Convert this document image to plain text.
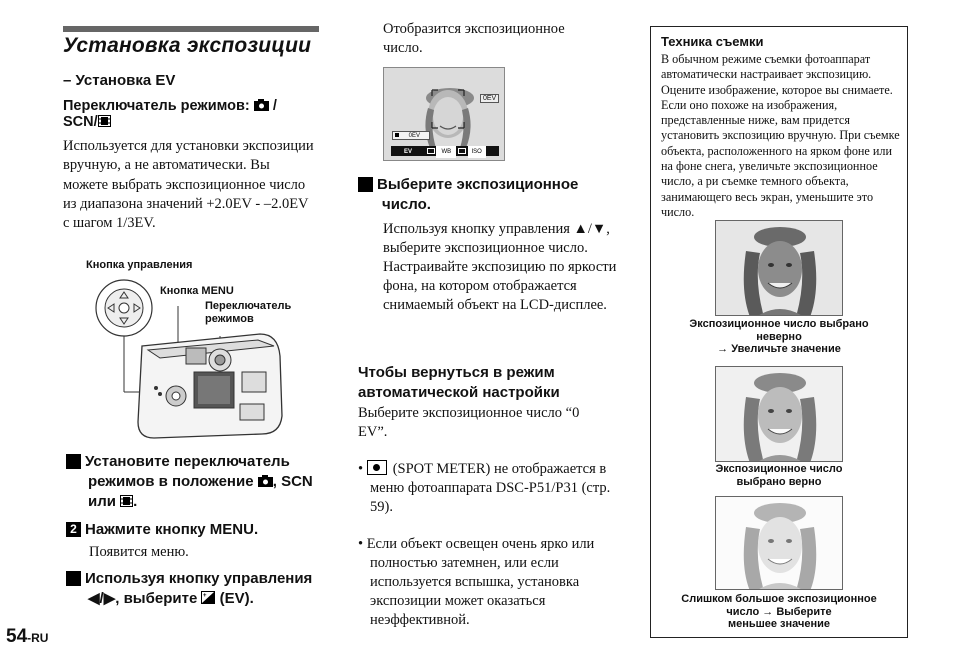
Установка экспозиции
– Установка EV
Переключатель режимов: /
SCN/
Используется для установки экспозиции вручную, а не автоматически. Вы можете выбрать экспозиционное число из диапазона значений +2.0EV - –2.0EV с шагом 1/3EV.
Кнопка управления
Кнопка MENU
Переключатель режимов
1 Установите переключатель режимов в положение , SCN или .
2 Нажмите кнопку MENU.
Появится меню.
3 Используя кнопку управления ◀/▶, выберите + (EV).
54-RU
Отобразится экспозиционное число.
0EV
0EV
EV	WB	ISO
4 Выберите экспозиционное число.
Используя кнопку управления ▲/▼, выберите экспозиционное число. Настраивайте экспозицию по яркости фона, на котором отображается снимаемый объект на LCD-дисплее.
Чтобы вернуться в режим автоматической настройки
Выберите экспозиционное число “0 EV”.
• (SPOT METER) не отображается в меню фотоаппарата DSC-P51/P31 (стр. 59).
• Если объект освещен очень ярко или полностью затемнен, или если используется вспышка, установка экспозиции может оказаться неэффективной.
Техника съемки
В обычном режиме съемки фотоаппарат автоматически настраивает экспозицию. Оцените изображение, которое вы снимаете. Если оно похоже на изображения, представленные ниже, вам придется установить экспозицию вручную. При съемке объекта, расположенного на ярком фоне или на фоне снега, увеличьте экспозиционное число, а ри съемке темного объекта, занимающего весь экран, уменьшите это число.
Экспозиционное число выбрано
неверно
→ Увеличьте значение
Экспозиционное число
выбрано верно
Слишком большое экспозиционное
число → Выберите
меньшее значение
